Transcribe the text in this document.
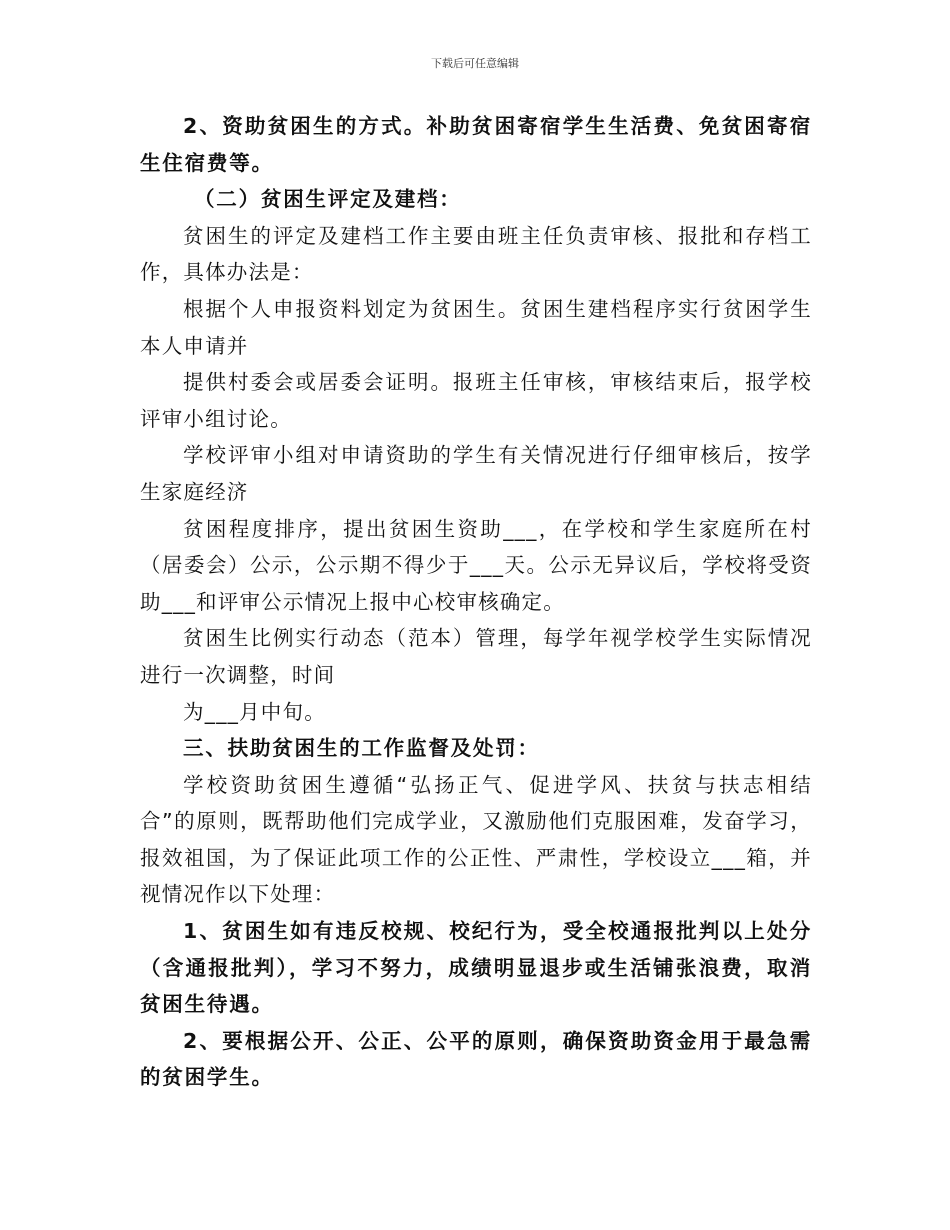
下载后可任意编辑

2、资助贫困生的方式。补助贫困寄宿学生生活费、免贫困寄宿生住宿费等。

（二）贫困生评定及建档：

贫困生的评定及建档工作主要由班主任负责审核、报批和存档工作，具体办法是：

根据个人申报资料划定为贫困生。贫困生建档程序实行贫困学生本人申请并

提供村委会或居委会证明。报班主任审核，审核结束后，报学校评审小组讨论。

学校评审小组对申请资助的学生有关情况进行仔细审核后，按学生家庭经济

贫困程度排序，提出贫困生资助___，在学校和学生家庭所在村（居委会）公示，公示期不得少于___天。公示无异议后，学校将受资助___和评审公示情况上报中心校审核确定。

贫困生比例实行动态（范本）管理，每学年视学校学生实际情况进行一次调整，时间

为___月中旬。

三、扶助贫困生的工作监督及处罚：

学校资助贫困生遵循“弘扬正气、促进学风、扶贫与扶志相结合”的原则，既帮助他们完成学业，又激励他们克服困难，发奋学习，报效祖国，为了保证此项工作的公正性、严肃性，学校设立___箱，并视情况作以下处理：

1、贫困生如有违反校规、校纪行为，受全校通报批判以上处分（含通报批判），学习不努力，成绩明显退步或生活铺张浪费，取消贫困生待遇。

2、要根据公开、公正、公平的原则，确保资助资金用于最急需的贫困学生。
